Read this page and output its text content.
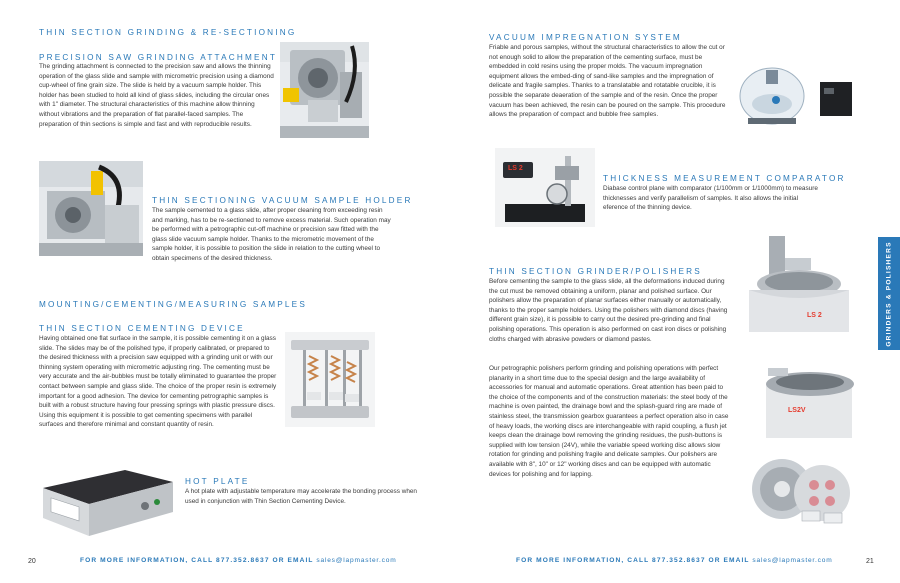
THIN SECTION GRINDING & RE-SECTIONING
PRECISION SAW GRINDING ATTACHMENT
The grinding attachment is connected to the precision saw and allows the thinning operation of the glass slide and sample with micrometric precision using a diamond cup-wheel of fine grain size. The slide is held by a vacuum sample holder. This holder has been studied to hold all kind of glass slides, including the circular ones with 1" diameter. The structural characteristics of this machine allow thinning without vibrations and the preparation of flat parallel-faced samples. The preparation of thin sections is simple and fast and with reproducible results.
THIN SECTIONING VACUUM SAMPLE HOLDER
The sample cemented to a glass slide, after proper cleaning from exceeding resin and marking, has to be re-sectioned to remove excess material. Such operation may be performed with a petrographic cut-off machine or precision saw fitted with the glass slide vacuum sample holder. Thanks to the micrometric movement of the sample holder, it is possible to position the slide in relation to the cutting wheel to obtain specimens of the desired thickness.
MOUNTING/CEMENTING/MEASURING SAMPLES
THIN SECTION CEMENTING DEVICE
Having obtained one flat surface in the sample, it is possible cementing it on a glass slide. The slides may be of the polished type, if properly calibrated, or prepared to the desired thickness with a precision saw equipped with a grinding unit or with our thinning system operating with micrometric adjusting ring. The cementing must be very accurate and the air-bubbles must be totally eliminated to guarantee the proper contact between sample and glass slide. The choice of the proper resin is extremely important for a good adhesion. The device for cementing petrographic samples is built with a robust structure having four pressing springs with plastic pressure discs. Using this equipment it is possible to get cementing specimens with parallel surfaces and therefore minimal and constant quantity of resin.
HOT PLATE
A hot plate with adjustable temperature may accelerate the bonding process when used in conjunction with Thin Section Cementing Device.
20	FOR MORE INFORMATION, CALL 877.352.8637 OR EMAIL sales@lapmaster.com
VACUUM IMPREGNATION SYSTEM
Friable and porous samples, without the structural characteristics to allow the cut or not enough solid to allow the preparation of the cementing surface, must be embedded in cold resins using the proper molds. The vacuum impregnation equipment allows the embed-ding of sand-like samples and the impregnation of delicate and fragile samples. Thanks to a translatable and rotatable crucible, it is possible the separate deaeration of the sample and of the resin. Once the proper vacuum has been achieved, the resin can be poured on the sample. This procedure allows the preparation of compact and bubble free samples.
LS 2
THICKNESS MEASUREMENT COMPARATOR
Diabase control plane with comparator (1/100mm or 1/1000mm) to measure thicknesses and verify parallelism of samples. It also allows the initial eference of the thinning device.
THIN SECTION GRINDER/POLISHERS
Before cementing the sample to the glass slide, all the deformations induced during the cut must be removed obtaining a uniform, planar and polished surface. Our polishers allow the preparation of planar surfaces either manually or automatically, thanks to the proper sample holders. Using the polishers with diamond discs (having different grain size), it is possible to carry out the desired pre-grinding and final polishing operations. This operation is also performed on cast iron discs or polishing cloths charged with abrasive powders or diamond pastes.
Our petrographic polishers perform grinding and polishing operations with perfect planarity in a short time due to the special design and the large availability of accessories for manual and automatic operations. Great attention has been paid to the choice of the components and of the construction materials: the steel body of the machine is oven painted, the drainage bowl and the splash-guard ring are made of stainless steel, the transmission gearbox guarantees a perfect operation also in case of heavy loads, the working discs are interchangeable with rapid coupling, a flush jet keeps clean the drainage bowl removing the grinding residues, the push-buttons is supplied with low tension (24V), while the variable speed working disc allows slow rotation for grinding and polishing fragile and delicate samples. Our polishers are available with 8", 10" or 12" working discs and can be equipped with automatic devices for polishing and for lapping.
LS 2
LS2V
GRINDERS & POLISHERS
FOR MORE INFORMATION, CALL 877.352.8637 OR EMAIL sales@lapmaster.com	21
